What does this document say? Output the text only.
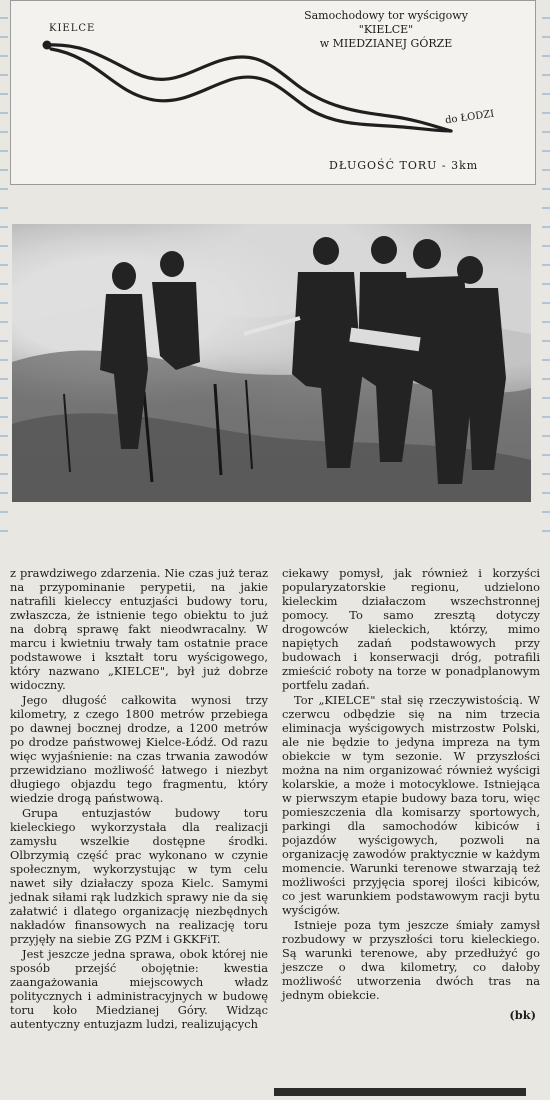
KIELCE
Samochodowy tor wyścigowy
"KIELCE"
w MIEDZIANEJ GÓRZE
do ŁODZI
DŁUGOŚĆ TORU - 3km

z prawdziwego zdarzenia. Nie czas już teraz na przypominanie perypetii, na jakie natrafili kieleccy entuzjaści budowy toru, zwłaszcza, że istnienie tego obiektu to już na dobrą sprawę fakt nieodwracalny. W marcu i kwietniu trwały tam ostatnie prace podstawowe i kształt toru wyścigowego, który nazwano „KIELCE", był już dobrze widoczny.

Jego długość całkowita wynosi trzy kilometry, z czego 1800 metrów przebiega po dawnej bocznej drodze, a 1200 metrów po drodze państwowej Kielce-Łódź. Od razu więc wyjaśnienie: na czas trwania zawodów przewidziano możliwość łatwego i niezbyt długiego objazdu tego fragmentu, który wiedzie drogą państwową.

Grupa entuzjastów budowy toru kieleckiego wykorzystała dla realizacji zamysłu wszelkie dostępne środki. Olbrzymią część prac wykonano w czynie społecznym, wykorzystując w tym celu nawet siły działaczy spoza Kielc. Samymi jednak siłami rąk ludzkich sprawy nie da się załatwić i dlatego organizację niezbędnych nakładów finansowych na realizację toru przyjęły na siebie ZG PZM i GKKFiT.

Jest jeszcze jedna sprawa, obok której nie sposób przejść obojętnie: kwestia zaangażowania miejscowych władz politycznych i administracyjnych w budowę toru koło Miedzianej Góry. Widząc autentyczny entuzjazm ludzi, realizujących

ciekawy pomysł, jak również i korzyści popularyzatorskie regionu, udzielono kieleckim działaczom wszechstronnej pomocy. To samo zresztą dotyczy drogowców kieleckich, którzy, mimo napiętych zadań podstawowych przy budowach i konserwacji dróg, potrafili zmieścić roboty na torze w ponadplanowym portfelu zadań.

Tor „KIELCE" stał się rzeczywistością. W czerwcu odbędzie się na nim trzecia eliminacja wyścigowych mistrzostw Polski, ale nie będzie to jedyna impreza na tym obiekcie w tym sezonie. W przyszłości można na nim organizować również wyścigi kolarskie, a może i motocyklowe. Istniejąca w pierwszym etapie budowy baza toru, więc pomieszczenia dla komisarzy sportowych, parkingi dla samochodów kibiców i pojazdów wyścigowych, pozwoli na organizację zawodów praktycznie w każdym momencie. Warunki terenowe stwarzają też możliwości przyjęcia sporej ilości kibiców, co jest warunkiem podstawowym racji bytu wyścigów.

Istnieje poza tym jeszcze śmiały zamysł rozbudowy w przyszłości toru kieleckiego. Są warunki terenowe, aby przedłużyć go jeszcze o dwa kilometry, co dałoby możliwość utworzenia dwóch tras na jednym obiekcie.

(bk)
